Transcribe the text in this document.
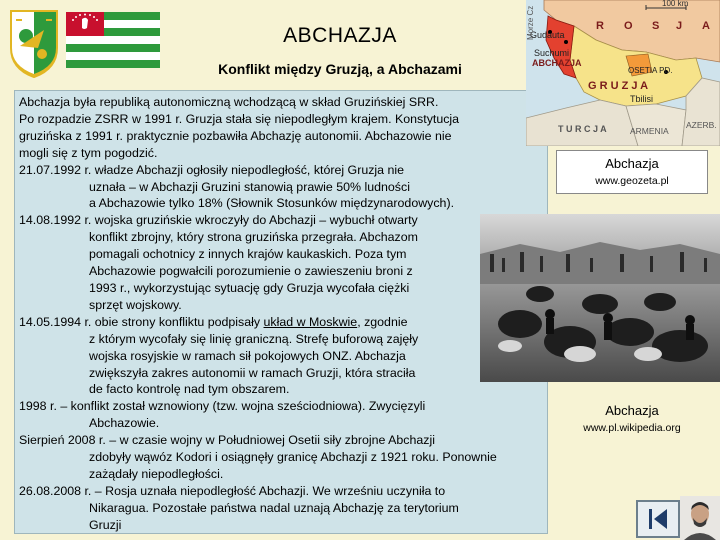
ABCHAZJA
Konflikt między Gruzją, a Abchazami

Abchazja była republiką autonomiczną wchodzącą w skład Gruzińskiej SRR.

Po rozpadzie ZSRR w 1991 r. Gruzja stała się niepodległym krajem. Konstytucja

gruzińska z 1991 r. praktycznie pozbawiła Abchazję autonomii. Abchazowie nie

mogli się z tym pogodzić.

21.07.1992 r. władze Abchazji ogłosiły niepodległość, której Gruzja nie

uznała – w Abchazji Gruzini stanowią prawie 50% ludności

a Abchazowie tylko 18% (Słownik Stosunków międzynarodowych).

14.08.1992 r. wojska gruzińskie wkroczyły do Abchazji – wybuchł otwarty

konflikt zbrojny, który strona gruzińska przegrała. Abchazom

pomagali ochotnicy z innych krajów kaukaskich. Poza tym

Abchazowie pogwałcili porozumienie o zawieszeniu broni z

1993 r., wykorzystując sytuację gdy Gruzja wycofała ciężki

sprzęt wojskowy.

14.05.1994 r. obie strony konfliktu podpisały układ w Moskwie, zgodnie

z którym wycofały się linię graniczną. Strefę buforową zajęły

wojska rosyjskie w ramach sił pokojowych ONZ. Abchazja

zwiększyła zakres autonomii w ramach Gruzji, która straciła

de facto kontrolę nad tym obszarem.

1998 r. – konflikt został wznowiony (tzw. wojna sześciodniowa). Zwycięzyli

Abchazowie.

Sierpień 2008 r. – w czasie wojny w Południowej Osetii siły zbrojne Abchazji

zdobyły wąwóz Kodori i osiągnęły granicę Abchazji z 1921 roku. Ponownie

zażądały niepodległości.

26.08.2008 r. – Rosja uznała niepodległość Abchazji. We wrześniu uczyniła to

Nikaragua. Pozostałe państwa nadal uznają Abchazję za terytorium

Gruzji

100 km
R O S J A
Gudauta
Suchumi
ABCHAZJA
OSETIA PD.
G R U Z J A
Tbilisi
T U R C J A	ARMENIA
AZERB.
Morze Cz
Abchazja
www.geozeta.pl
Abchazja
www.pl.wikipedia.org
